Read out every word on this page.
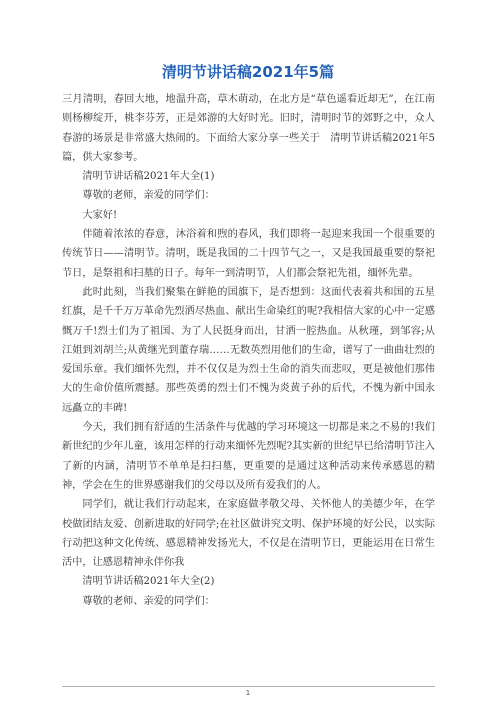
清明节讲话稿2021年5篇

三月清明，春回大地，地温升高，草木萌动，在北方是“草色遥看近却无”，在江南则杨柳绽开，桃李芬芳，正是郊游的大好时光。旧时，清明时节的郊野之中，众人春游的场景是非常盛大热闹的。下面给大家分享一些关于　清明节讲话稿2021年5篇，供大家参考。

清明节讲话稿2021年大全(1)

尊敬的老师，亲爱的同学们：

大家好!

伴随着浓浓的春意，沐浴着和煦的春风，我们即将一起迎来我国一个很重要的传统节日——清明节。清明，既是我国的二十四节气之一，又是我国最重要的祭祀节日，是祭祖和扫墓的日子。每年一到清明节，人们都会祭祀先祖，缅怀先辈。

此时此刻，当我们聚集在鲜艳的国旗下，是否想到：这面代表着共和国的五星红旗，是千千万万革命先烈洒尽热血、献出生命染红的呢?我相信大家的心中一定感慨万千!烈士们为了祖国、为了人民挺身而出，甘洒一腔热血。从秋瑾，到邹容;从江姐到刘胡兰;从黄继光到董存瑞……无数英烈用他们的生命，谱写了一曲曲壮烈的爱国乐章。我们缅怀先烈，并不仅仅是为烈士生命的消失而悲叹，更是被他们那伟大的生命价值所震撼。那些英勇的烈士们不愧为炎黄子孙的后代，不愧为新中国永远矗立的丰碑!

今天，我们拥有舒适的生活条件与优越的学习环境这一切都是来之不易的!我们新世纪的少年儿童，该用怎样的行动来缅怀先烈呢?其实新的世纪早已给清明节注入了新的内涵，清明节不单单是扫扫墓，更重要的是通过这种活动来传承感恩的精神，学会在生的世界感谢我们的父母以及所有爱我们的人。

同学们，就让我们行动起来，在家庭做孝敬父母、关怀他人的美德少年，在学校做团结友爱、创新进取的好同学;在社区做讲究文明、保护环境的好公民，以实际行动把这种文化传统、感恩精神发扬光大，不仅是在清明节日，更能运用在日常生活中，让感恩精神永伴你我

清明节讲话稿2021年大全(2)

尊敬的老师、亲爱的同学们：

1
